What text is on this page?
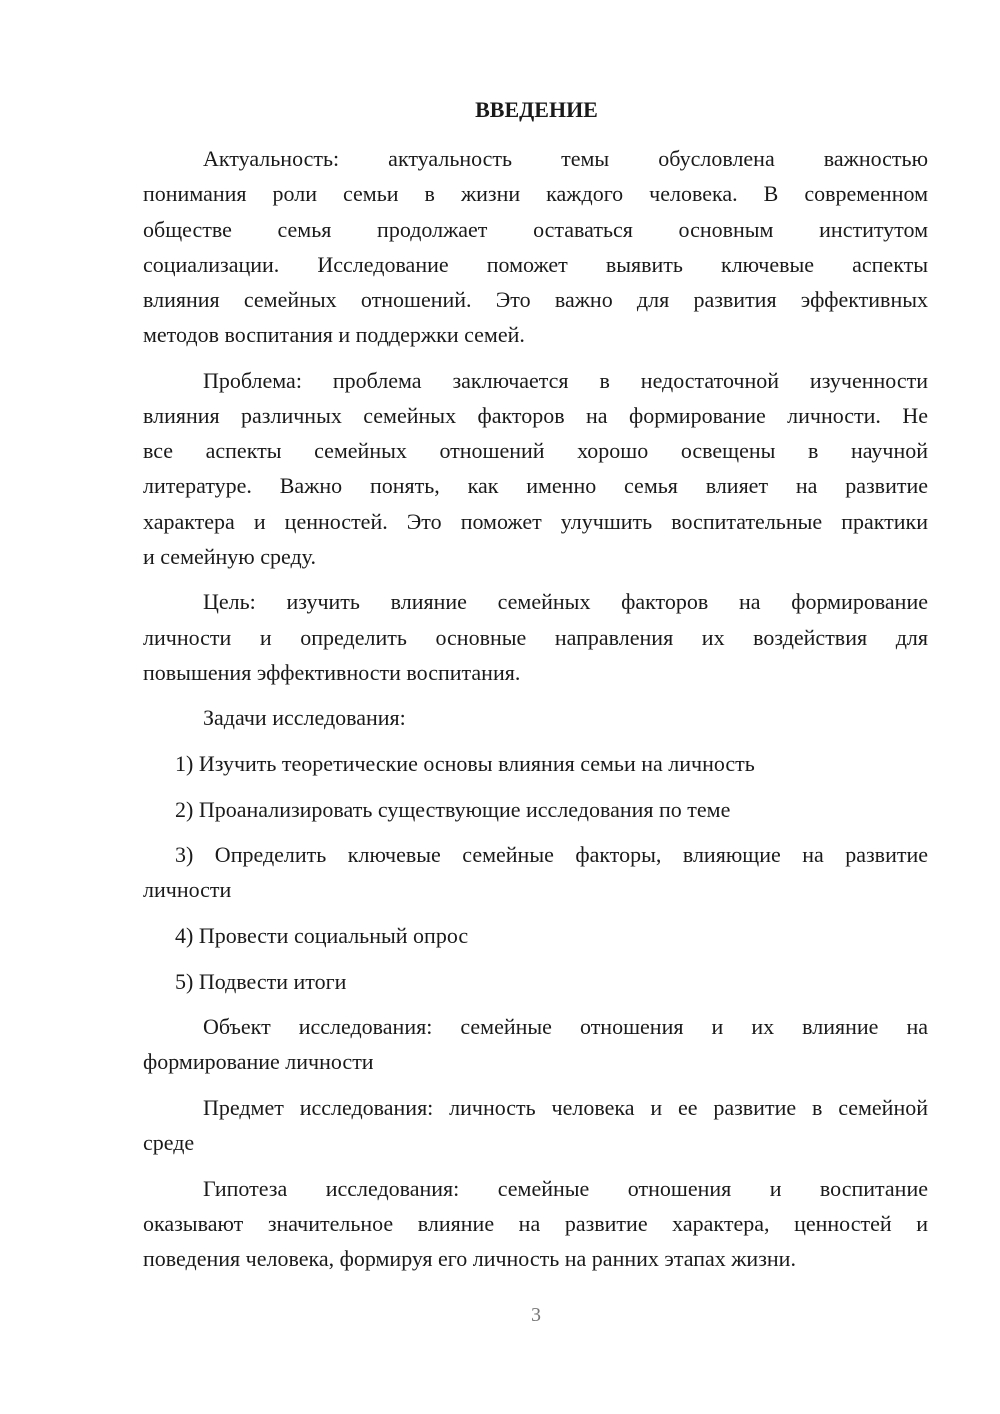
ВВЕДЕНИЕ
Актуальность: актуальность темы обусловлена важностью
понимания роли семьи в жизни каждого человека. В современном
обществе семья продолжает оставаться основным институтом
социализации. Исследование поможет выявить ключевые аспекты
влияния семейных отношений. Это важно для развития эффективных
методов воспитания и поддержки семей.
Проблема: проблема заключается в недостаточной изученности
влияния различных семейных факторов на формирование личности. Не
все аспекты семейных отношений хорошо освещены в научной
литературе. Важно понять, как именно семья влияет на развитие
характера и ценностей. Это поможет улучшить воспитательные практики
и семейную среду.
Цель: изучить влияние семейных факторов на формирование
личности и определить основные направления их воздействия для
повышения эффективности воспитания.
Задачи исследования:
1) Изучить теоретические основы влияния семьи на личность
2) Проанализировать существующие исследования по теме
3) Определить ключевые семейные факторы, влияющие на развитие
личности
4) Провести социальный опрос
5) Подвести итоги
Объект исследования: семейные отношения и их влияние на
формирование личности
Предмет исследования: личность человека и ее развитие в семейной
среде
Гипотеза исследования: семейные отношения и воспитание
оказывают значительное влияние на развитие характера, ценностей и
поведения человека, формируя его личность на ранних этапах жизни.
3
